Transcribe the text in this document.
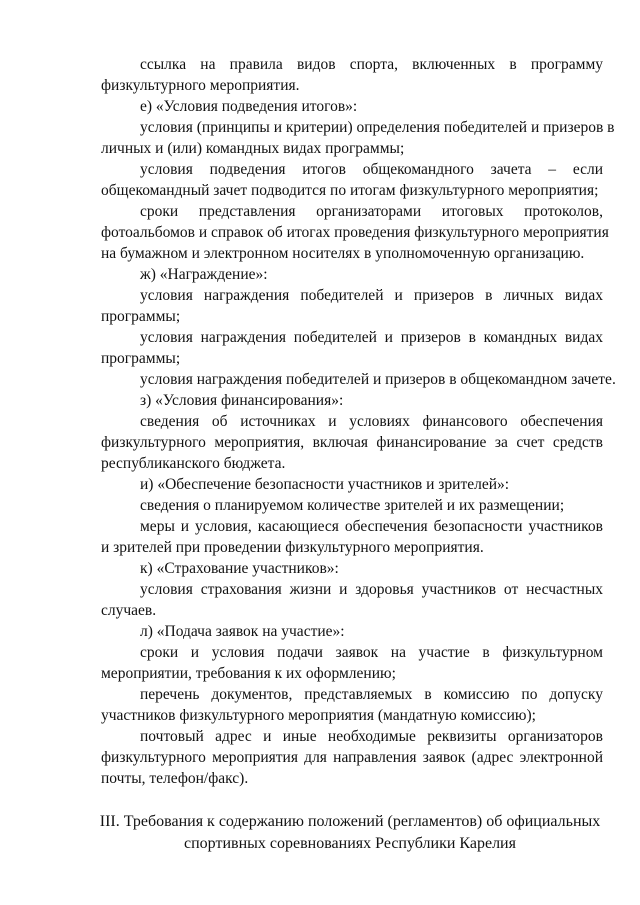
ссылка на правила видов спорта, включенных в программу
физкультурного мероприятия.
е) «Условия подведения итогов»:
условия (принципы и критерии) определения победителей и призеров в
личных и (или) командных видах программы;
условия подведения итогов общекомандного зачета – если
общекомандный зачет подводится по итогам физкультурного мероприятия;
сроки представления организаторами итоговых протоколов,
фотоальбомов и справок об итогах проведения физкультурного мероприятия
на бумажном и электронном носителях в уполномоченную организацию.
ж) «Награждение»:
условия награждения победителей и призеров в личных видах
программы;
условия награждения победителей и призеров в командных видах
программы;
условия награждения победителей и призеров в общекомандном зачете.
з) «Условия финансирования»:
сведения об источниках и условиях финансового обеспечения
физкультурного мероприятия, включая финансирование за счет средств
республиканского бюджета.
и) «Обеспечение безопасности участников и зрителей»:
сведения о планируемом количестве зрителей и их размещении;
меры и условия, касающиеся обеспечения безопасности участников
и зрителей при проведении физкультурного мероприятия.
к) «Страхование участников»:
условия страхования жизни и здоровья участников от несчастных
случаев.
л) «Подача заявок на участие»:
сроки и условия подачи заявок на участие в физкультурном
мероприятии, требования к их оформлению;
перечень документов, представляемых в комиссию по допуску
участников физкультурного мероприятия (мандатную комиссию);
почтовый адрес и иные необходимые реквизиты организаторов
физкультурного мероприятия для направления заявок (адрес электронной
почты, телефон/факс).
III. Требования к содержанию положений (регламентов) об официальных
спортивных соревнованиях Республики Карелия
